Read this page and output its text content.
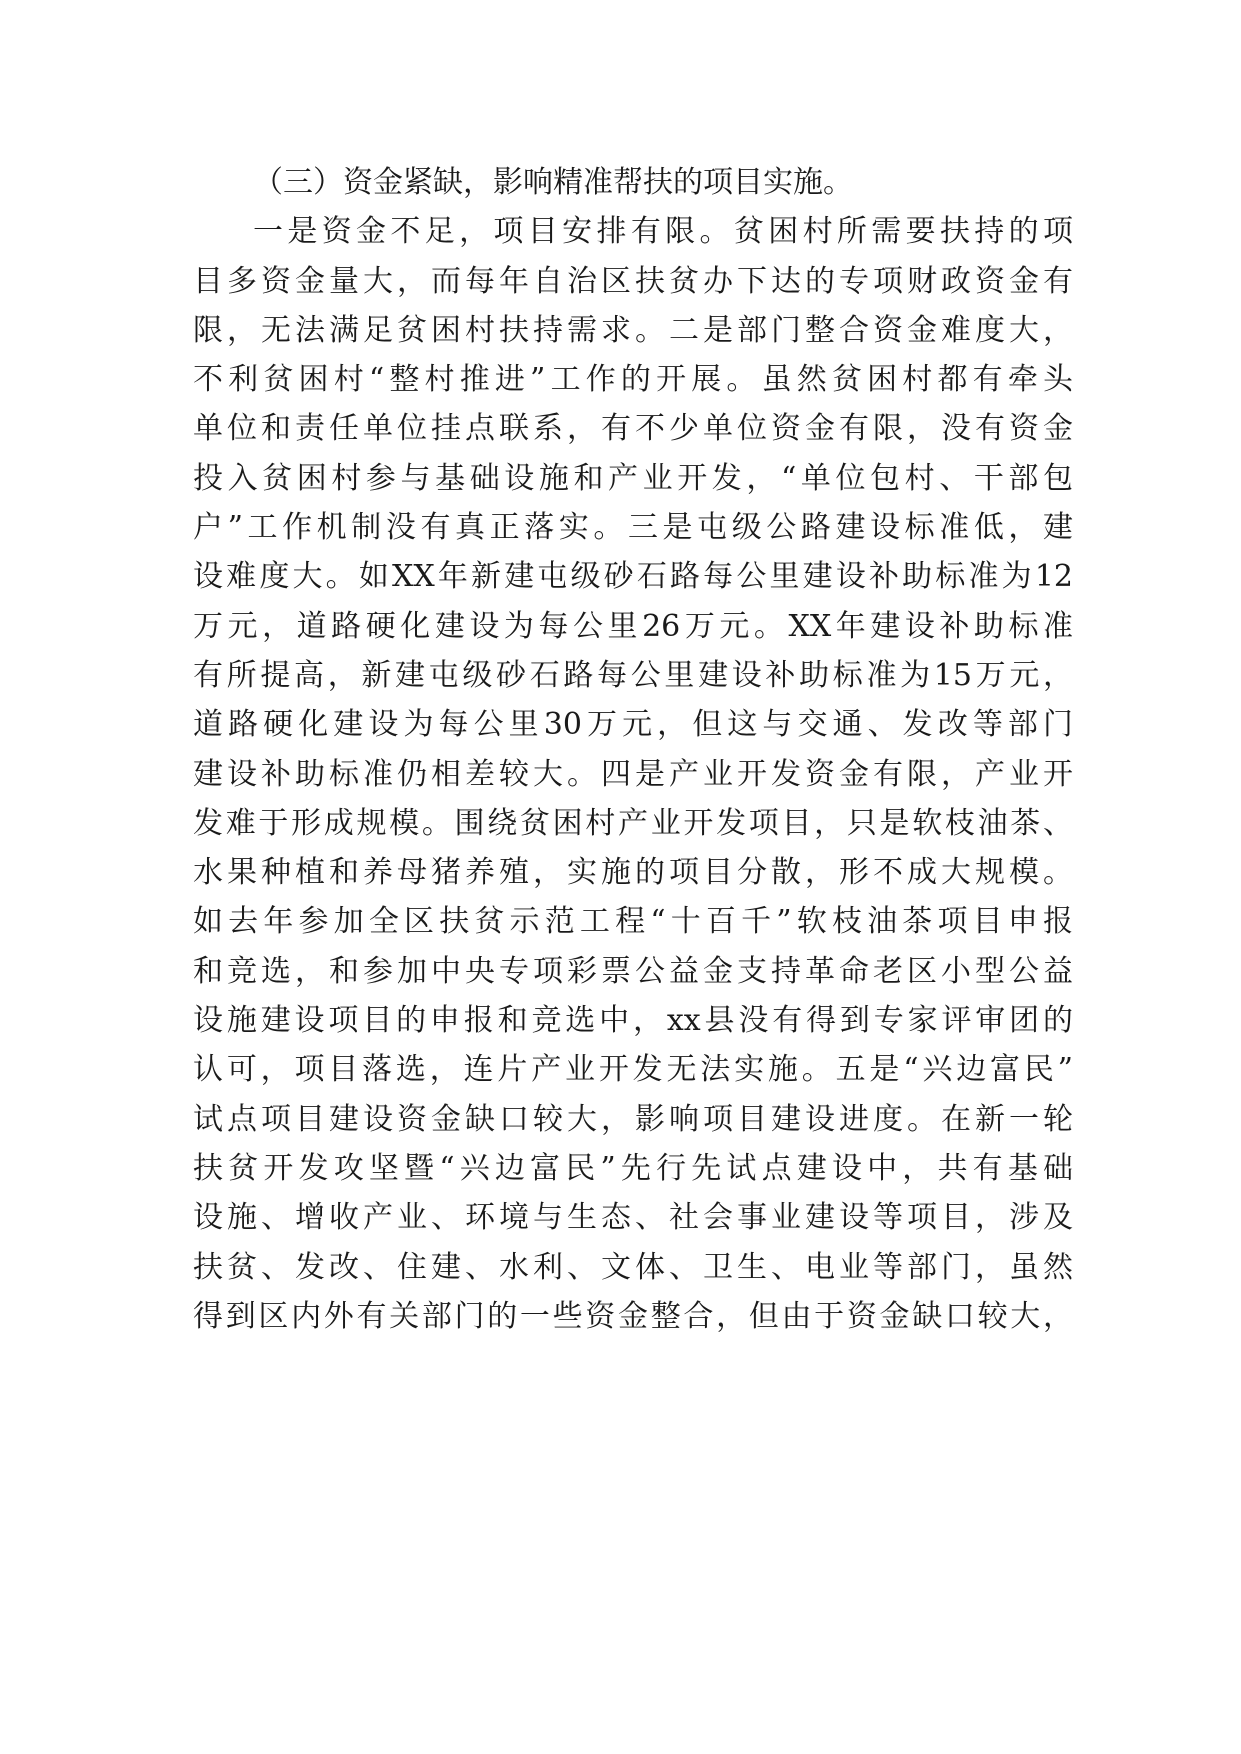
（三）资金紧缺，影响精准帮扶的项目实施。
一是资金不足，项目安排有限。贫困村所需要扶持的项
目多资金量大，而每年自治区扶贫办下达的专项财政资金有
限，无法满足贫困村扶持需求。二是部门整合资金难度大，
不利贫困村“整村推进”工作的开展。虽然贫困村都有牵头
单位和责任单位挂点联系，有不少单位资金有限，没有资金
投入贫困村参与基础设施和产业开发，“单位包村、干部包
户”工作机制没有真正落实。三是屯级公路建设标准低，建
设难度大。如XX年新建屯级砂石路每公里建设补助标准为12
万元，道路硬化建设为每公里26万元。XX年建设补助标准
有所提高，新建屯级砂石路每公里建设补助标准为15万元，
道路硬化建设为每公里30万元，但这与交通、发改等部门
建设补助标准仍相差较大。四是产业开发资金有限，产业开
发难于形成规模。围绕贫困村产业开发项目，只是软枝油茶、
水果种植和养母猪养殖，实施的项目分散，形不成大规模。
如去年参加全区扶贫示范工程“十百千”软枝油茶项目申报
和竞选，和参加中央专项彩票公益金支持革命老区小型公益
设施建设项目的申报和竞选中，xx县没有得到专家评审团的
认可，项目落选，连片产业开发无法实施。五是“兴边富民”
试点项目建设资金缺口较大，影响项目建设进度。在新一轮
扶贫开发攻坚暨“兴边富民”先行先试点建设中，共有基础
设施、增收产业、环境与生态、社会事业建设等项目，涉及
扶贫、发改、住建、水利、文体、卫生、电业等部门，虽然
得到区内外有关部门的一些资金整合，但由于资金缺口较大，
